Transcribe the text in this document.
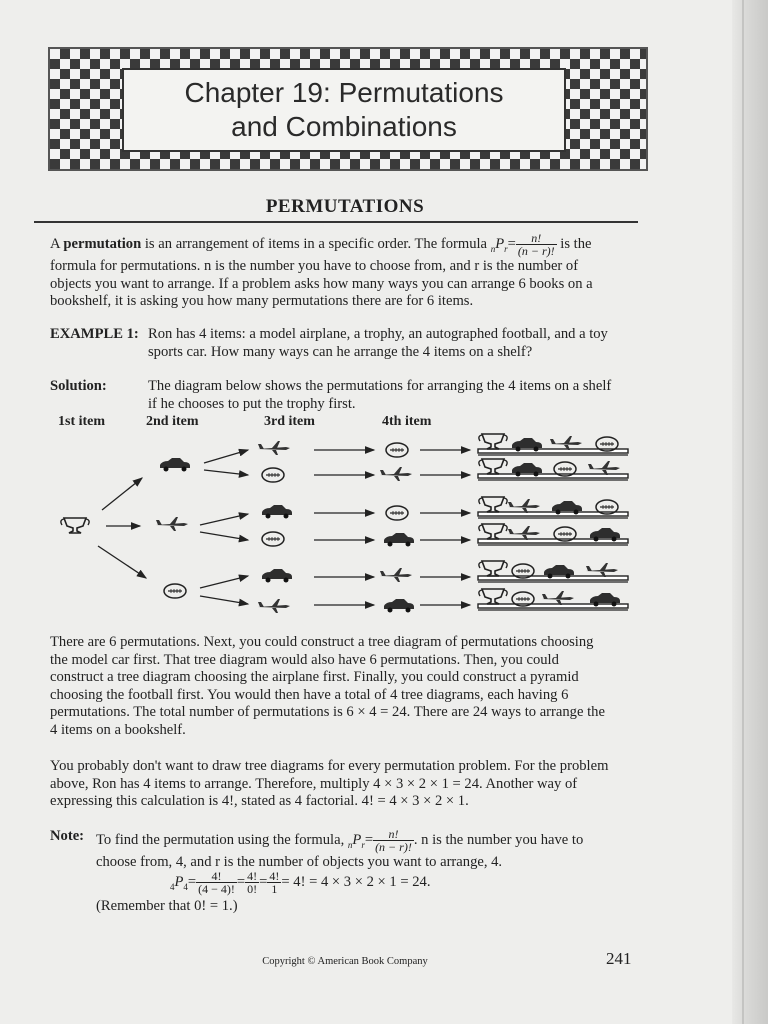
Chapter 19: Permutations
and Combinations
PERMUTATIONS
A permutation is an arrangement of items in a specific order. The formula $_nP_r= \frac{n!}{(n - r)!}$ is the
formula for permutations. n is the number you have to choose from, and r is the number of
objects you want to arrange. If a problem asks how many ways you can arrange 6 books on a
bookshelf, it is asking you how many permutations there are for 6 items.
EXAMPLE 1: Ron has 4 items: a model airplane, a trophy, an autographed football, and a toy
sports car. How many ways can he arrange the 4 items on a shelf?
Solution:	The diagram below shows the permutations for arranging the 4 items on a shelf
if he chooses to put the trophy first.
1st item	2nd item	3rd item	4th item
There are 6 permutations. Next, you could construct a tree diagram of permutations choosing
the model car first. That tree diagram would also have 6 permutations. Then, you could
construct a tree diagram choosing the airplane first. Finally, you could construct a pyramid
choosing the football first. You would then have a total of 4 tree diagrams, each having 6
permutations. The total number of permutations is 6 × 4 = 24. There are 24 ways to arrange the
4 items on a bookshelf.
You probably don't want to draw tree diagrams for every permutation problem. For the problem
above, Ron has 4 items to arrange. Therefore, multiply 4 × 3 × 2 × 1 = 24. Another way of
expressing this calculation is 4!, stated as 4 factorial. 4! = 4 × 3 × 2 × 1.
Note: To find the permutation using the formula, $_nP_r= \frac{n!}{(n - r)!}$ . n is the number you have to
choose from, 4, and r is the number of objects you want to arrange, 4.
$_4P_4= \frac{4!}{(4 - 4)!} = \frac{4!}{0!} = \frac{4!}{1} = 4$! = 4 × 3 × 2 × 1 = 24.
(Remember that 0! = 1.)
Copyright © American Book Company	241
